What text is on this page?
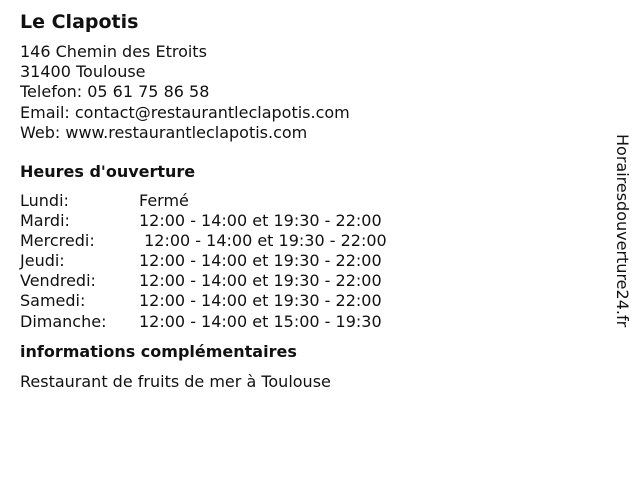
Le Clapotis
146 Chemin des Etroits
31400 Toulouse
Telefon: 05 61 75 86 58
Email: contact@restaurantleclapotis.com
Web: www.restaurantleclapotis.com
Heures d'ouverture
Lundi:	Fermé
Mardi:	12:00 - 14:00 et 19:30 - 22:00
Mercredi:	12:00 - 14:00 et 19:30 - 22:00
Jeudi:	12:00 - 14:00 et 19:30 - 22:00
Vendredi:	12:00 - 14:00 et 19:30 - 22:00
Samedi:	12:00 - 14:00 et 19:30 - 22:00
Dimanche:	12:00 - 14:00 et 15:00 - 19:30
informations complémentaires
Restaurant de fruits de mer à Toulouse
Horairesdouverture24.fr
